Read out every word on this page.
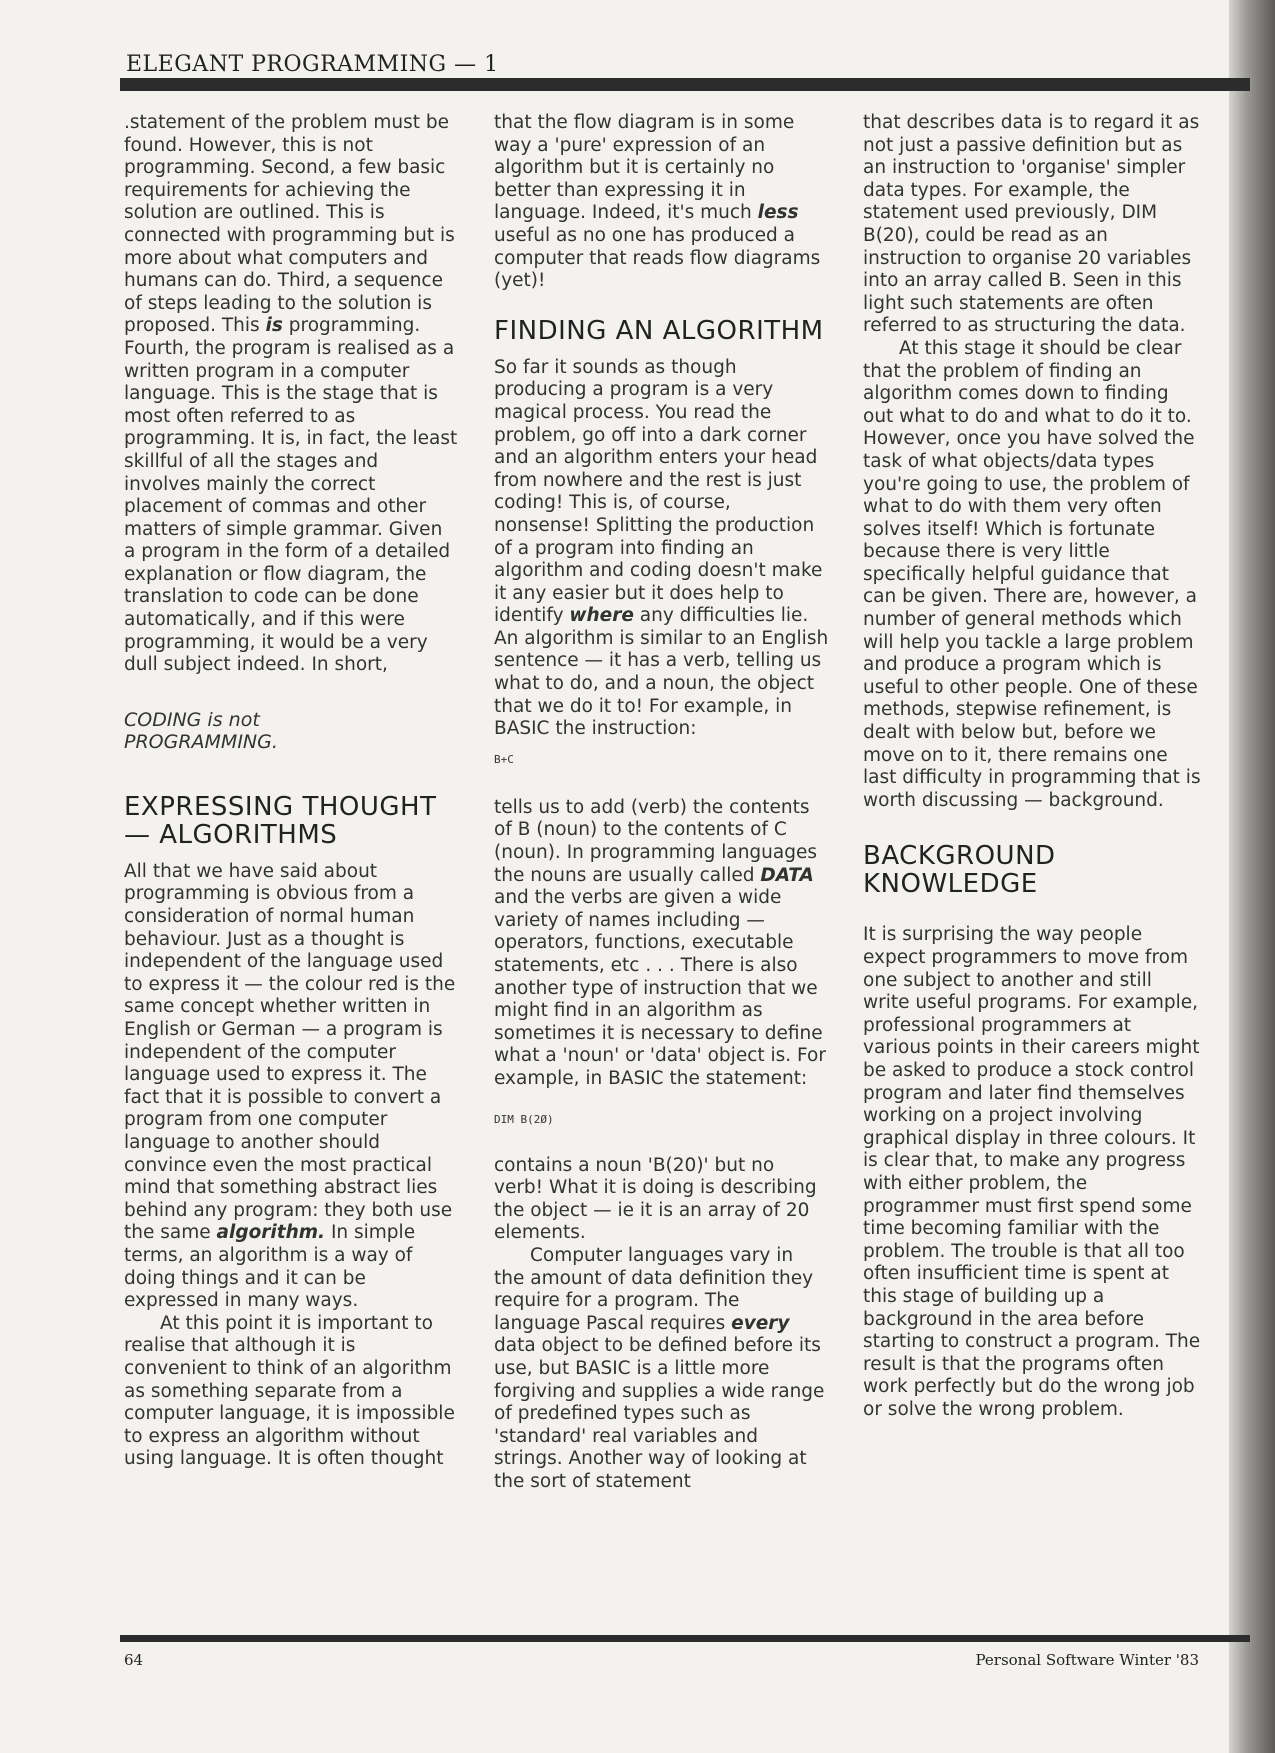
ELEGANT PROGRAMMING — 1

.statement of the problem must be found. However, this is not programming. Second, a few basic requirements for achieving the solution are outlined. This is connected with programming but is more about what computers and humans can do. Third, a sequence of steps leading to the solution is proposed. This is programming. Fourth, the program is realised as a written program in a computer language. This is the stage that is most often referred to as programming. It is, in fact, the least skillful of all the stages and involves mainly the correct placement of commas and other matters of simple grammar. Given a program in the form of a detailed explanation or flow diagram, the translation to code can be done automatically, and if this were programming, it would be a very dull subject indeed. In short,

CODING is not
PROGRAMMING.

EXPRESSING THOUGHT — ALGORITHMS

All that we have said about programming is obvious from a consideration of normal human behaviour. Just as a thought is independent of the language used to express it — the colour red is the same concept whether written in English or German — a program is independent of the computer language used to express it. The fact that it is possible to convert a program from one computer language to another should convince even the most practical mind that something abstract lies behind any program: they both use the same algorithm. In simple terms, an algorithm is a way of doing things and it can be expressed in many ways.

At this point it is important to realise that although it is convenient to think of an algorithm as something separate from a computer language, it is impossible to express an algorithm without using language. It is often thought

that the flow diagram is in some way a 'pure' expression of an algorithm but it is certainly no better than expressing it in language. Indeed, it's much less useful as no one has produced a computer that reads flow diagrams (yet)!

FINDING AN ALGORITHM

So far it sounds as though producing a program is a very magical process. You read the problem, go off into a dark corner and an algorithm enters your head from nowhere and the rest is just coding! This is, of course, nonsense! Splitting the production of a program into finding an algorithm and coding doesn't make it any easier but it does help to identify where any difficulties lie. An algorithm is similar to an English sentence — it has a verb, telling us what to do, and a noun, the object that we do it to! For example, in BASIC the instruction:

B+C

tells us to add (verb) the contents of B (noun) to the contents of C (noun). In programming languages the nouns are usually called DATA and the verbs are given a wide variety of names including — operators, functions, executable statements, etc . . . There is also another type of instruction that we might find in an algorithm as sometimes it is necessary to define what a 'noun' or 'data' object is. For example, in BASIC the statement:

DIM B(2Ø)

contains a noun 'B(20)' but no verb! What it is doing is describing the object — ie it is an array of 20 elements.

Computer languages vary in the amount of data definition they require for a program. The language Pascal requires every data object to be defined before its use, but BASIC is a little more forgiving and supplies a wide range of predefined types such as 'standard' real variables and strings. Another way of looking at the sort of statement

that describes data is to regard it as not just a passive definition but as an instruction to 'organise' simpler data types. For example, the statement used previously, DIM B(20), could be read as an instruction to organise 20 variables into an array called B. Seen in this light such statements are often referred to as structuring the data.

At this stage it should be clear that the problem of finding an algorithm comes down to finding out what to do and what to do it to. However, once you have solved the task of what objects/data types you're going to use, the problem of what to do with them very often solves itself! Which is fortunate because there is very little specifically helpful guidance that can be given. There are, however, a number of general methods which will help you tackle a large problem and produce a program which is useful to other people. One of these methods, stepwise refinement, is dealt with below but, before we move on to it, there remains one last difficulty in programming that is worth discussing — background.

BACKGROUND KNOWLEDGE

It is surprising the way people expect programmers to move from one subject to another and still write useful programs. For example, professional programmers at various points in their careers might be asked to produce a stock control program and later find themselves working on a project involving graphical display in three colours. It is clear that, to make any progress with either problem, the programmer must first spend some time becoming familiar with the problem. The trouble is that all too often insufficient time is spent at this stage of building up a background in the area before starting to construct a program. The result is that the programs often work perfectly but do the wrong job or solve the wrong problem.

64	Personal Software Winter '83
